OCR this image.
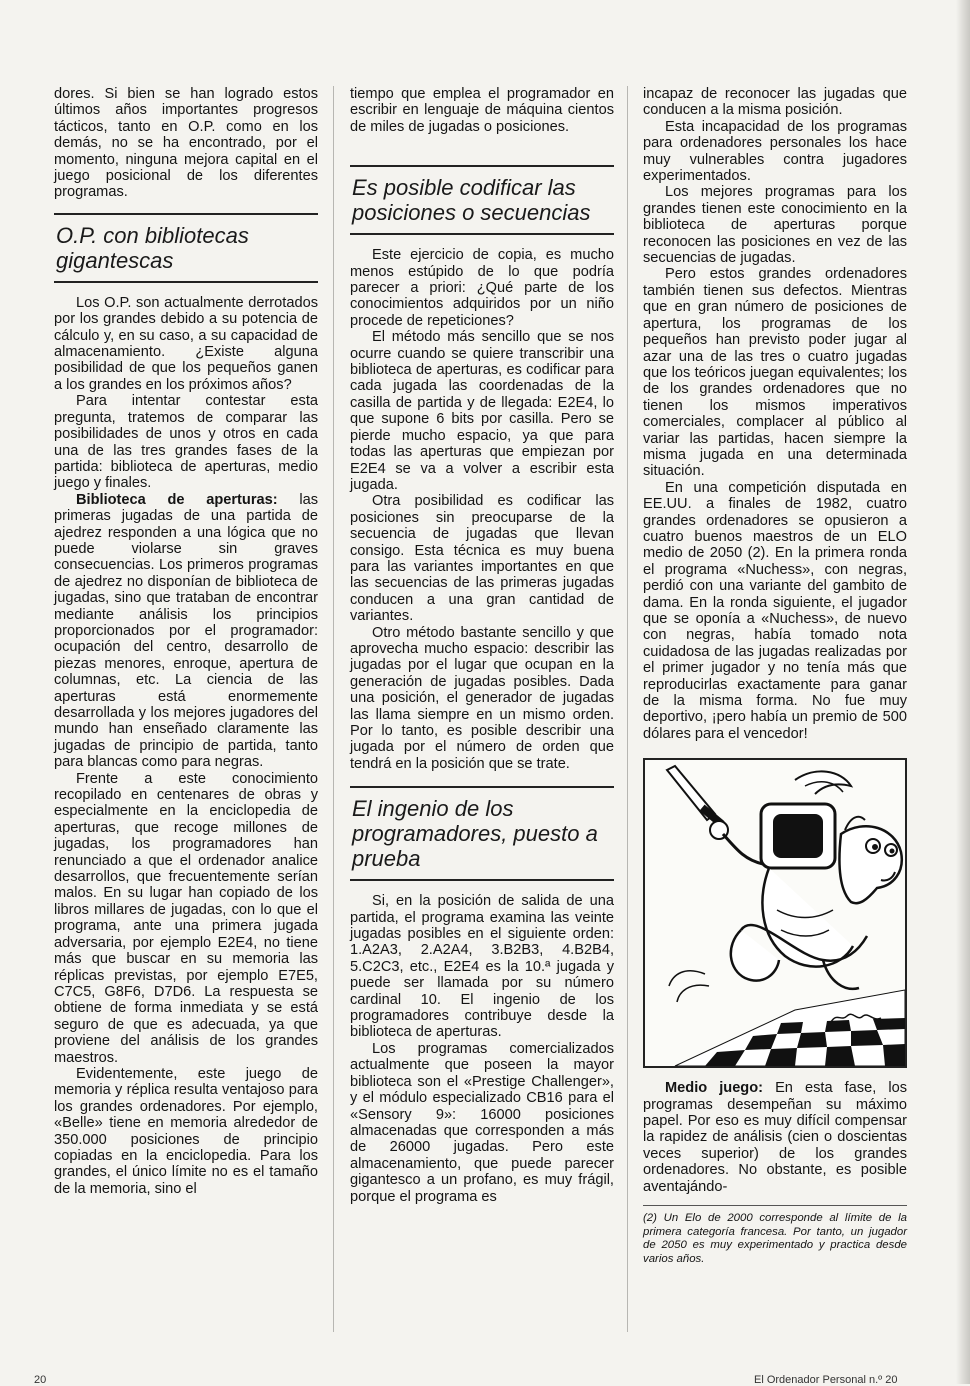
dores. Si bien se han logrado estos últimos años importantes progresos tácticos, tanto en O.P. como en los demás, no se ha encontrado, por el momento, ninguna mejora capital en el juego posicional de los diferentes programas.

O.P. con bibliotecas gigantescas

Los O.P. son actualmente derrotados por los grandes debido a su potencia de cálculo y, en su caso, a su capacidad de almacenamiento. ¿Existe alguna posibilidad de que los pequeños ganen a los grandes en los próximos años?

Para intentar contestar esta pregunta, tratemos de comparar las posibilidades de unos y otros en cada una de las tres grandes fases de la partida: biblioteca de aperturas, medio juego y finales.

Biblioteca de aperturas: las primeras jugadas de una partida de ajedrez responden a una lógica que no puede violarse sin graves consecuencias. Los primeros programas de ajedrez no disponían de biblioteca de jugadas, sino que trataban de encontrar mediante análisis los principios proporcionados por el programador: ocupación del centro, desarrollo de piezas menores, enroque, apertura de columnas, etc. La ciencia de las aperturas está enormemente desarrollada y los mejores jugadores del mundo han enseñado claramente las jugadas de principio de partida, tanto para blancas como para negras.

Frente a este conocimiento recopilado en centenares de obras y especialmente en la enciclopedia de aperturas, que recoge millones de jugadas, los programadores han renunciado a que el ordenador analice desarrollos, que frecuentemente serían malos. En su lugar han copiado de los libros millares de jugadas, con lo que el programa, ante una primera jugada adversaria, por ejemplo E2E4, no tiene más que buscar en su memoria las réplicas previstas, por ejemplo E7E5, C7C5, G8F6, D7D6. La respuesta se obtiene de forma inmediata y se está seguro de que es adecuada, ya que proviene del análisis de los grandes maestros.

Evidentemente, este juego de memoria y réplica resulta ventajoso para los grandes ordenadores. Por ejemplo, «Belle» tiene en memoria alrededor de 350.000 posiciones de principio copiadas en la enciclopedia. Para los grandes, el único límite no es el tamaño de la memoria, sino el

tiempo que emplea el programador en escribir en lenguaje de máquina cientos de miles de jugadas o posiciones.

Es posible codificar las posiciones o secuencias

Este ejercicio de copia, es mucho menos estúpido de lo que podría parecer a priori: ¿Qué parte de los conocimientos adquiridos por un niño procede de repeticiones?

El método más sencillo que se nos ocurre cuando se quiere transcribir una biblioteca de aperturas, es codificar para cada jugada las coordenadas de la casilla de partida y de llegada: E2E4, lo que supone 6 bits por casilla. Pero se pierde mucho espacio, ya que para todas las aperturas que empiezan por E2E4 se va a volver a escribir esta jugada.

Otra posibilidad es codificar las posiciones sin preocuparse de la secuencia de jugadas que llevan consigo. Esta técnica es muy buena para las variantes importantes en que las secuencias de las primeras jugadas conducen a una gran cantidad de variantes.

Otro método bastante sencillo y que aprovecha mucho espacio: describir las jugadas por el lugar que ocupan en la generación de jugadas posibles. Dada una posición, el generador de jugadas las llama siempre en un mismo orden. Por lo tanto, es posible describir una jugada por el número de orden que tendrá en la posición que se trate.

El ingenio de los programadores, puesto a prueba

Si, en la posición de salida de una partida, el programa examina las veinte jugadas posibles en el siguiente orden: 1.A2A3, 2.A2A4, 3.B2B3, 4.B2B4, 5.C2C3, etc., E2E4 es la 10.ª jugada y puede ser llamada por su número cardinal 10. El ingenio de los programadores contribuye desde la biblioteca de aperturas.

Los programas comercializados actualmente que poseen la mayor biblioteca son el «Prestige Challenger», y el módulo especializado CB16 para el «Sensory 9»: 16000 posiciones almacenadas que corresponden a más de 26000 jugadas. Pero este almacenamiento, que puede parecer gigantesco a un profano, es muy frágil, porque el programa es

incapaz de reconocer las jugadas que conducen a la misma posición.

Esta incapacidad de los programas para ordenadores personales los hace muy vulnerables contra jugadores experimentados.

Los mejores programas para los grandes tienen este conocimiento en la biblioteca de aperturas porque reconocen las posiciones en vez de las secuencias de jugadas.

Pero estos grandes ordenadores también tienen sus defectos. Mientras que en gran número de posiciones de apertura, los programas de los pequeños han previsto poder jugar al azar una de las tres o cuatro jugadas que los teóricos juegan equivalentes; los de los grandes ordenadores que no tienen los mismos imperativos comerciales, complacer al público al variar las partidas, hacen siempre la misma jugada en una determinada situación.

En una competición disputada en EE.UU. a finales de 1982, cuatro grandes ordenadores se opusieron a cuatro buenos maestros de un ELO medio de 2050 (2). En la primera ronda el programa «Nuchess», con negras, perdió con una variante del gambito de dama. En la ronda siguiente, el jugador que se oponía a «Nuchess», de nuevo con negras, había tomado nota cuidadosa de las jugadas realizadas por el primer jugador y no tenía más que reproducirlas exactamente para ganar de la misma forma. No fue muy deportivo, ¡pero había un premio de 500 dólares para el vencedor!

Medio juego: En esta fase, los programas desempeñan su máximo papel. Por eso es muy difícil compensar la rapidez de análisis (cien o doscientas veces superior) de los grandes ordenadores. No obstante, es posible aventajándo-

(2) Un Elo de 2000 corresponde al límite de la primera categoría francesa. Por tanto, un jugador de 2050 es muy experimentado y practica desde varios años.
20	El Ordenador Personal n.º 20
